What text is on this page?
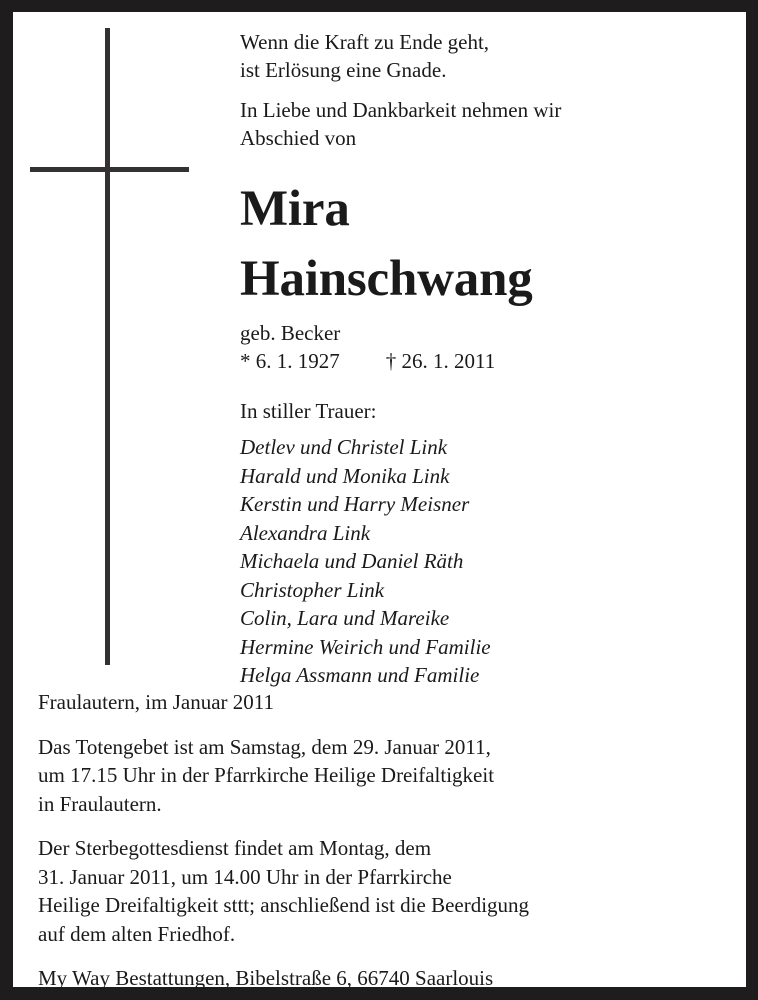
Wenn die Kraft zu Ende geht,
ist Erlösung eine Gnade.

In Liebe und Dankbarkeit nehmen wir
Abschied von

Mira
Hainschwang

geb. Becker

* 6. 1. 1927 † 26. 1. 2011

In stiller Trauer:

Detlev und Christel Link
Harald und Monika Link
Kerstin und Harry Meisner
Alexandra Link
Michaela und Daniel Räth
Christopher Link
Colin, Lara und Mareike
Hermine Weirich und Familie
Helga Assmann und Familie

Fraulautern, im Januar 2011

Das Totengebet ist am Samstag, dem 29. Januar 2011,
um 17.15 Uhr in der Pfarrkirche Heilige Dreifaltigkeit
in Fraulautern.

Der Sterbegottesdienst findet am Montag, dem
31. Januar 2011, um 14.00 Uhr in der Pfarrkirche
Heilige Dreifaltigkeit sttt; anschließend ist die Beerdigung
auf dem alten Friedhof.

My Way Bestattungen, Bibelstraße 6, 66740 Saarlouis
